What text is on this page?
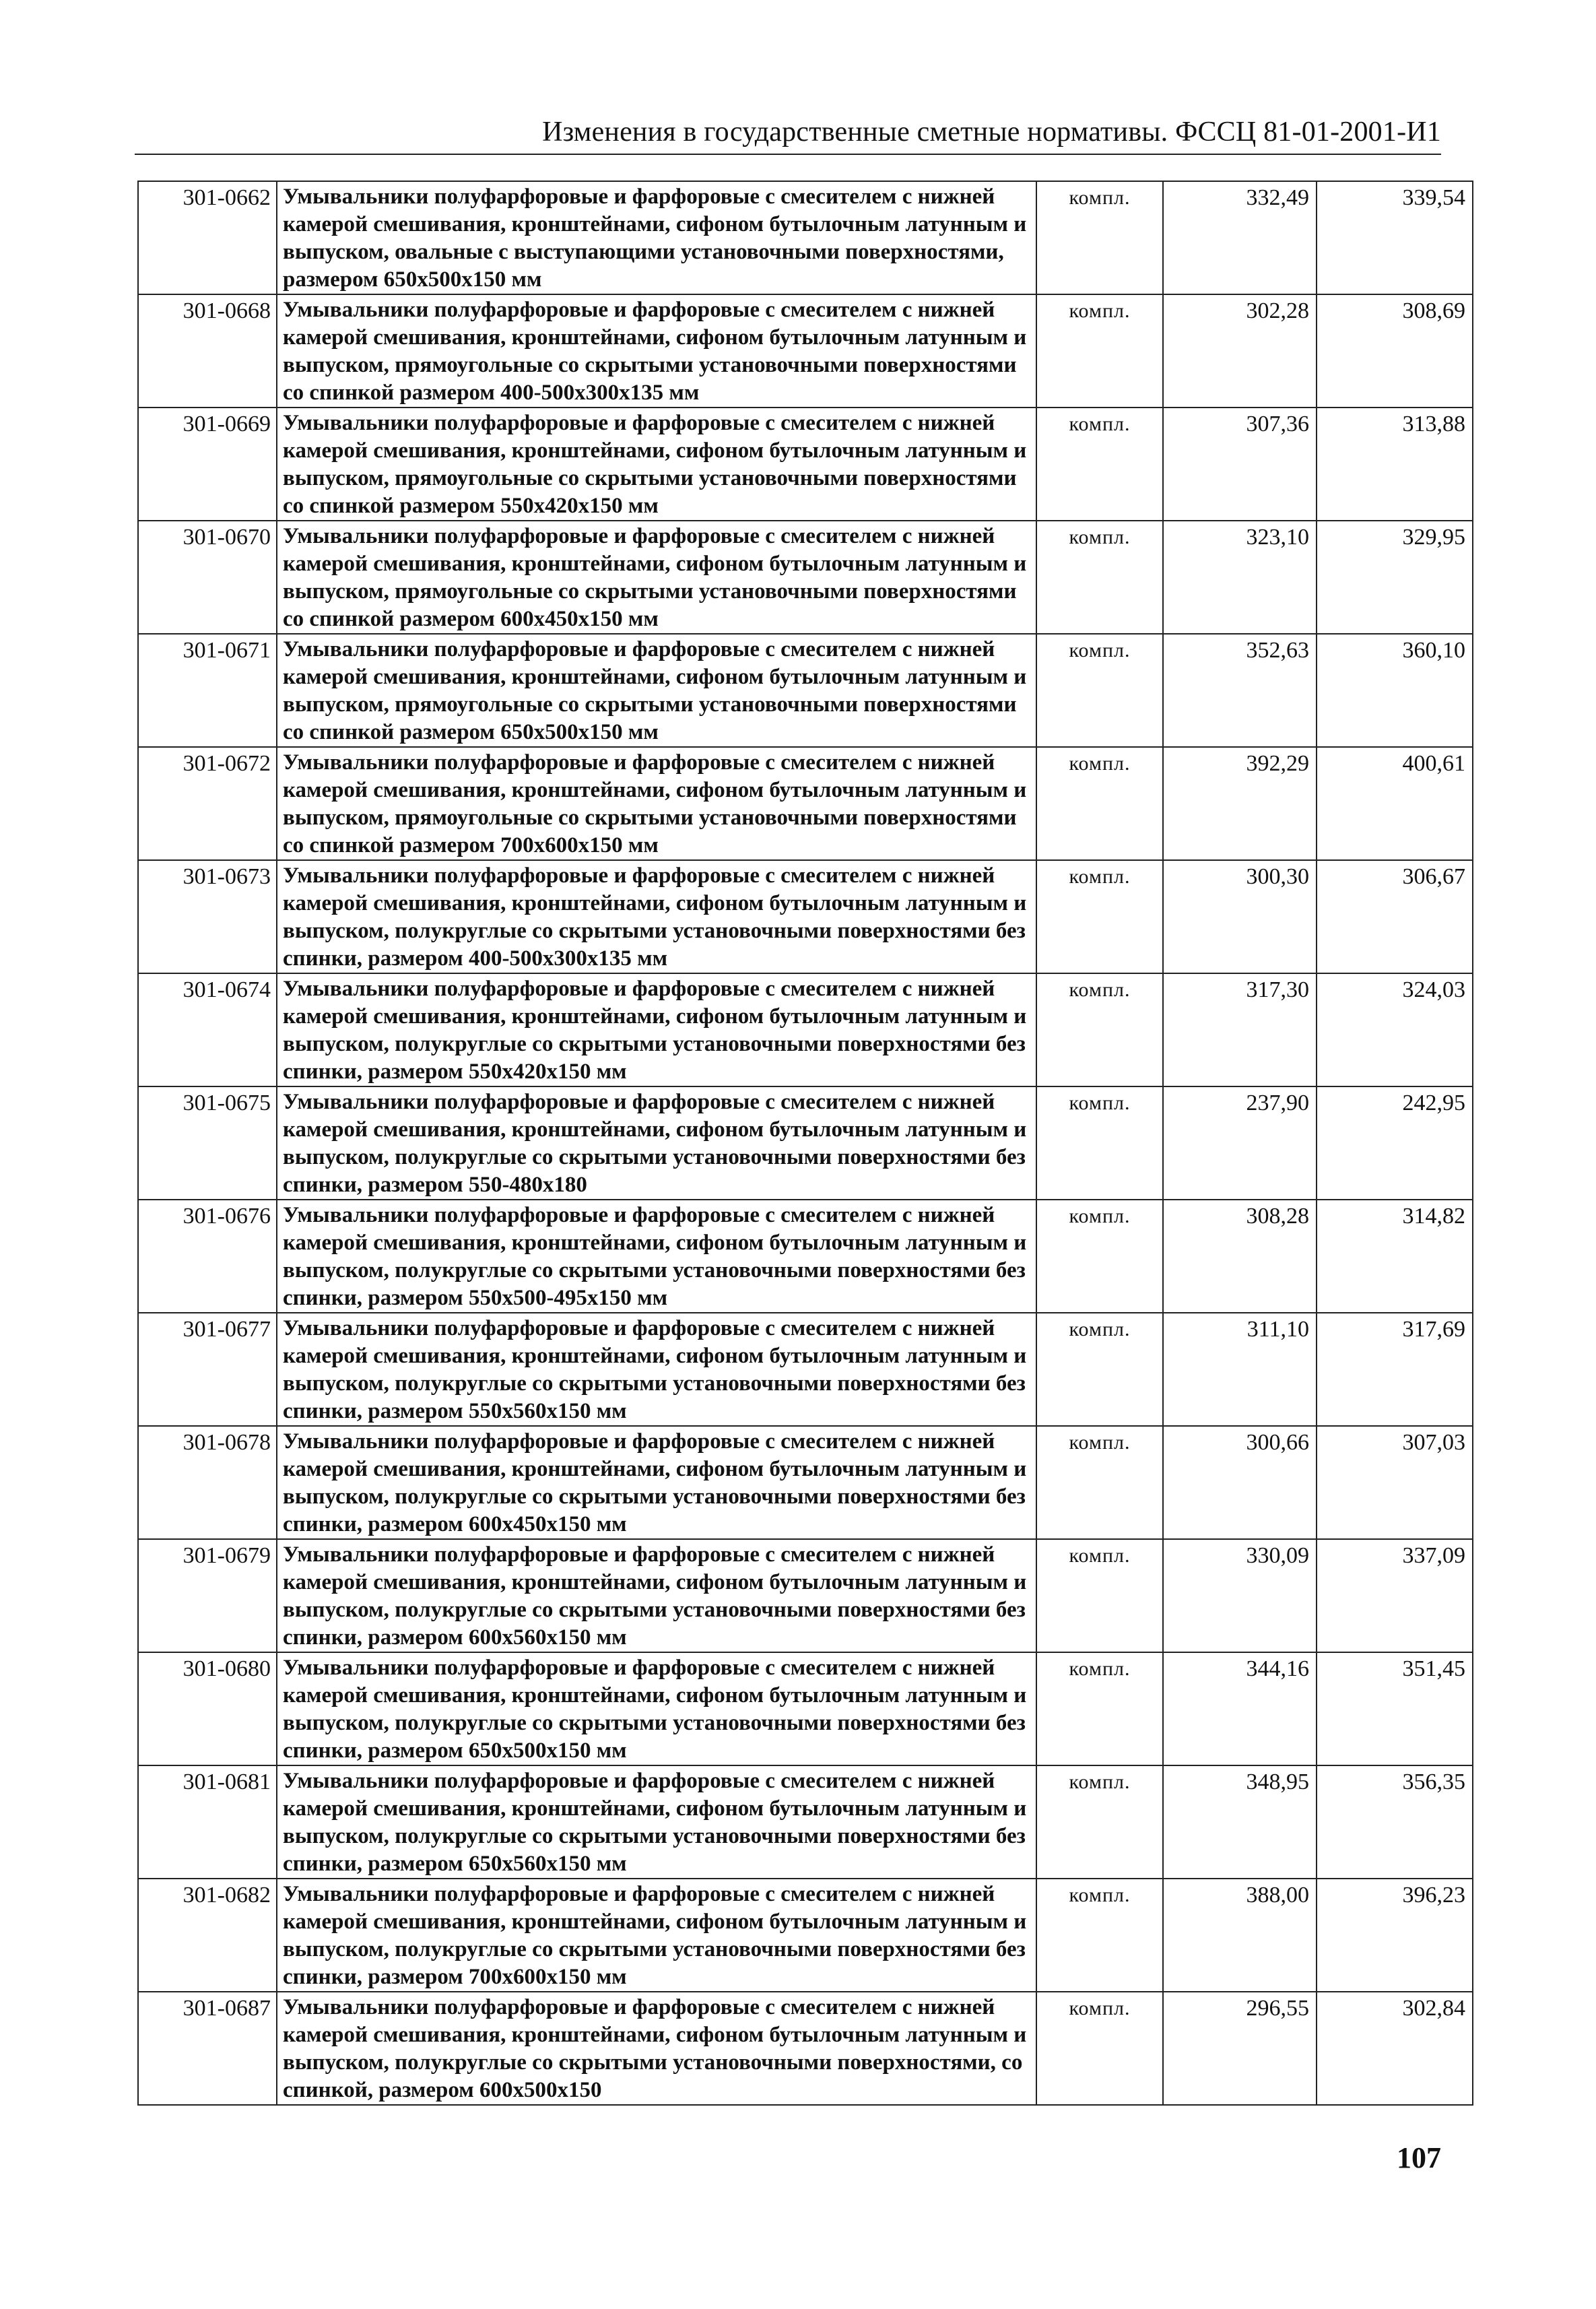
Изменения в государственные сметные нормативы. ФССЦ 81-01-2001-И1
301-0662	Умывальники полуфарфоровые и фарфоровые с смесителем с нижней камерой смешивания, кронштейнами, сифоном бутылочным латунным и выпуском, овальные с выступающими установочными поверхностями, размером 650х500х150 мм	компл.	332,49	339,54
301-0668	Умывальники полуфарфоровые и фарфоровые с смесителем с нижней камерой смешивания, кронштейнами, сифоном бутылочным латунным и выпуском, прямоугольные со скрытыми установочными поверхностями со спинкой размером 400-500х300х135 мм	компл.	302,28	308,69
301-0669	Умывальники полуфарфоровые и фарфоровые с смесителем с нижней камерой смешивания, кронштейнами, сифоном бутылочным латунным и выпуском, прямоугольные со скрытыми установочными поверхностями со спинкой размером 550х420х150 мм	компл.	307,36	313,88
301-0670	Умывальники полуфарфоровые и фарфоровые с смесителем с нижней камерой смешивания, кронштейнами, сифоном бутылочным латунным и выпуском, прямоугольные со скрытыми установочными поверхностями со спинкой размером 600х450х150 мм	компл.	323,10	329,95
301-0671	Умывальники полуфарфоровые и фарфоровые с смесителем с нижней камерой смешивания, кронштейнами, сифоном бутылочным латунным и выпуском, прямоугольные со скрытыми установочными поверхностями со спинкой размером 650х500х150 мм	компл.	352,63	360,10
301-0672	Умывальники полуфарфоровые и фарфоровые с смесителем с нижней камерой смешивания, кронштейнами, сифоном бутылочным латунным и выпуском, прямоугольные со скрытыми установочными поверхностями со спинкой размером 700х600х150 мм	компл.	392,29	400,61
301-0673	Умывальники полуфарфоровые и фарфоровые с смесителем с нижней камерой смешивания, кронштейнами, сифоном бутылочным латунным и выпуском, полукруглые со скрытыми установочными поверхностями без спинки, размером 400-500х300х135 мм	компл.	300,30	306,67
301-0674	Умывальники полуфарфоровые и фарфоровые с смесителем с нижней камерой смешивания, кронштейнами, сифоном бутылочным латунным и выпуском, полукруглые со скрытыми установочными поверхностями без спинки, размером 550х420х150 мм	компл.	317,30	324,03
301-0675	Умывальники полуфарфоровые и фарфоровые с смесителем с нижней камерой смешивания, кронштейнами, сифоном бутылочным латунным и выпуском, полукруглые со скрытыми установочными поверхностями без спинки, размером 550-480х180	компл.	237,90	242,95
301-0676	Умывальники полуфарфоровые и фарфоровые с смесителем с нижней камерой смешивания, кронштейнами, сифоном бутылочным латунным и выпуском, полукруглые со скрытыми установочными поверхностями без спинки, размером 550х500-495х150 мм	компл.	308,28	314,82
301-0677	Умывальники полуфарфоровые и фарфоровые с смесителем с нижней камерой смешивания, кронштейнами, сифоном бутылочным латунным и выпуском, полукруглые со скрытыми установочными поверхностями без спинки, размером 550х560х150 мм	компл.	311,10	317,69
301-0678	Умывальники полуфарфоровые и фарфоровые с смесителем с нижней камерой смешивания, кронштейнами, сифоном бутылочным латунным и выпуском, полукруглые со скрытыми установочными поверхностями без спинки, размером 600х450х150 мм	компл.	300,66	307,03
301-0679	Умывальники полуфарфоровые и фарфоровые с смесителем с нижней камерой смешивания, кронштейнами, сифоном бутылочным латунным и выпуском, полукруглые со скрытыми установочными поверхностями без спинки, размером 600х560х150 мм	компл.	330,09	337,09
301-0680	Умывальники полуфарфоровые и фарфоровые с смесителем с нижней камерой смешивания, кронштейнами, сифоном бутылочным латунным и выпуском, полукруглые со скрытыми установочными поверхностями без спинки, размером 650х500х150 мм	компл.	344,16	351,45
301-0681	Умывальники полуфарфоровые и фарфоровые с смесителем с нижней камерой смешивания, кронштейнами, сифоном бутылочным латунным и выпуском, полукруглые со скрытыми установочными поверхностями без спинки, размером 650х560х150 мм	компл.	348,95	356,35
301-0682	Умывальники полуфарфоровые и фарфоровые с смесителем с нижней камерой смешивания, кронштейнами, сифоном бутылочным латунным и выпуском, полукруглые со скрытыми установочными поверхностями без спинки, размером 700х600х150 мм	компл.	388,00	396,23
301-0687	Умывальники полуфарфоровые и фарфоровые с смесителем с нижней камерой смешивания, кронштейнами, сифоном бутылочным латунным и выпуском, полукруглые со скрытыми установочными поверхностями, со спинкой, размером 600х500х150	компл.	296,55	302,84
107
